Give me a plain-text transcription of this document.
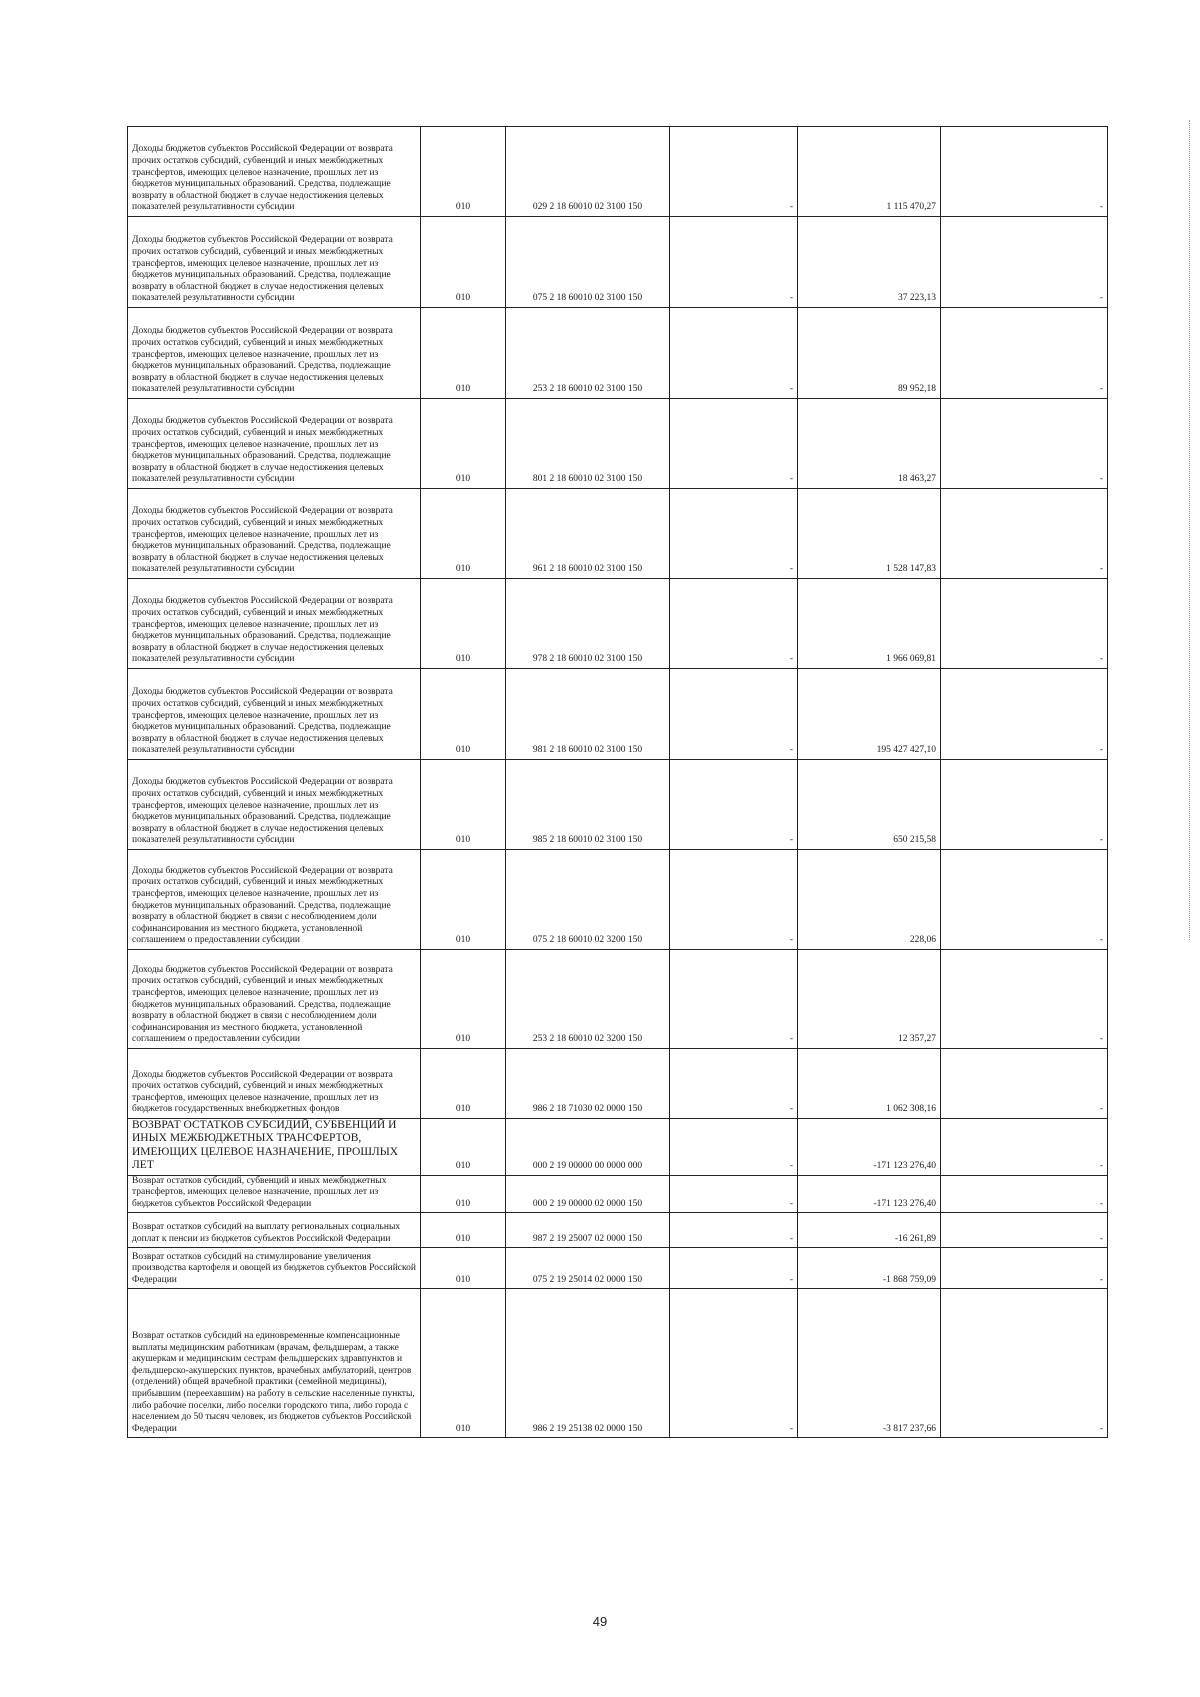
Доходы бюджетов субъектов Российской Федерации от возврата прочих остатков субсидий, субвенций и иных межбюджетных трансфертов, имеющих целевое назначение, прошлых лет из бюджетов муниципальных образований. Средства, подлежащие возврату в областной бюджет в случае недостижения целевых показателей результативности субсидии	010	029 2 18 60010 02 3100 150	-	1 115 470,27	-
Доходы бюджетов субъектов Российской Федерации от возврата прочих остатков субсидий, субвенций и иных межбюджетных трансфертов, имеющих целевое назначение, прошлых лет из бюджетов муниципальных образований. Средства, подлежащие возврату в областной бюджет в случае недостижения целевых показателей результативности субсидии	010	075 2 18 60010 02 3100 150	-	37 223,13	-
Доходы бюджетов субъектов Российской Федерации от возврата прочих остатков субсидий, субвенций и иных межбюджетных трансфертов, имеющих целевое назначение, прошлых лет из бюджетов муниципальных образований. Средства, подлежащие возврату в областной бюджет в случае недостижения целевых показателей результативности субсидии	010	253 2 18 60010 02 3100 150	-	89 952,18	-
Доходы бюджетов субъектов Российской Федерации от возврата прочих остатков субсидий, субвенций и иных межбюджетных трансфертов, имеющих целевое назначение, прошлых лет из бюджетов муниципальных образований. Средства, подлежащие возврату в областной бюджет в случае недостижения целевых показателей результативности субсидии	010	801 2 18 60010 02 3100 150	-	18 463,27	-
Доходы бюджетов субъектов Российской Федерации от возврата прочих остатков субсидий, субвенций и иных межбюджетных трансфертов, имеющих целевое назначение, прошлых лет из бюджетов муниципальных образований. Средства, подлежащие возврату в областной бюджет в случае недостижения целевых показателей результативности субсидии	010	961 2 18 60010 02 3100 150	-	1 528 147,83	-
Доходы бюджетов субъектов Российской Федерации от возврата прочих остатков субсидий, субвенций и иных межбюджетных трансфертов, имеющих целевое назначение, прошлых лет из бюджетов муниципальных образований. Средства, подлежащие возврату в областной бюджет в случае недостижения целевых показателей результативности субсидии	010	978 2 18 60010 02 3100 150	-	1 966 069,81	-
Доходы бюджетов субъектов Российской Федерации от возврата прочих остатков субсидий, субвенций и иных межбюджетных трансфертов, имеющих целевое назначение, прошлых лет из бюджетов муниципальных образований. Средства, подлежащие возврату в областной бюджет в случае недостижения целевых показателей результативности субсидии	010	981 2 18 60010 02 3100 150	-	195 427 427,10	-
Доходы бюджетов субъектов Российской Федерации от возврата прочих остатков субсидий, субвенций и иных межбюджетных трансфертов, имеющих целевое назначение, прошлых лет из бюджетов муниципальных образований. Средства, подлежащие возврату в областной бюджет в случае недостижения целевых показателей результативности субсидии	010	985 2 18 60010 02 3100 150	-	650 215,58	-
Доходы бюджетов субъектов Российской Федерации от возврата прочих остатков субсидий, субвенций и иных межбюджетных трансфертов, имеющих целевое назначение, прошлых лет из бюджетов муниципальных образований. Средства, подлежащие возврату в областной бюджет в связи с несоблюдением доли софинансирования из местного бюджета, установленной соглашением о предоставлении субсидии	010	075 2 18 60010 02 3200 150	-	228,06	-
Доходы бюджетов субъектов Российской Федерации от возврата прочих остатков субсидий, субвенций и иных межбюджетных трансфертов, имеющих целевое назначение, прошлых лет из бюджетов муниципальных образований. Средства, подлежащие возврату в областной бюджет в связи с несоблюдением доли софинансирования из местного бюджета, установленной соглашением о предоставлении субсидии	010	253 2 18 60010 02 3200 150	-	12 357,27	-
Доходы бюджетов субъектов Российской Федерации от возврата прочих остатков субсидий, субвенций и иных межбюджетных трансфертов, имеющих целевое назначение, прошлых лет из бюджетов государственных внебюджетных фондов	010	986 2 18 71030 02 0000 150	-	1 062 308,16	-
ВОЗВРАТ ОСТАТКОВ СУБСИДИЙ, СУБВЕНЦИЙ И ИНЫХ МЕЖБЮДЖЕТНЫХ ТРАНСФЕРТОВ, ИМЕЮЩИХ ЦЕЛЕВОЕ НАЗНАЧЕНИЕ, ПРОШЛЫХ ЛЕТ	010	000 2 19 00000 00 0000 000	-	-171 123 276,40	-
Возврат остатков субсидий, субвенций и иных межбюджетных трансфертов, имеющих целевое назначение, прошлых лет из бюджетов субъектов Российской Федерации	010	000 2 19 00000 02 0000 150	-	-171 123 276,40	-
Возврат остатков субсидий на выплату региональных социальных доплат к пенсии из бюджетов субъектов Российской Федерации	010	987 2 19 25007 02 0000 150	-	-16 261,89	-
Возврат остатков субсидий на стимулирование увеличения производства картофеля и овощей из бюджетов субъектов Российской Федерации	010	075 2 19 25014 02 0000 150	-	-1 868 759,09	-
Возврат остатков субсидий на единовременные компенсационные выплаты медицинским работникам (врачам, фельдшерам, а также акушеркам и медицинским сестрам фельдшерских здравпунктов и фельдшерско-акушерских пунктов, врачебных амбулаторий, центров (отделений) общей врачебной практики (семейной медицины), прибывшим (переехавшим) на работу в сельские населенные пункты, либо рабочие поселки, либо поселки городского типа, либо города с населением до 50 тысяч человек, из бюджетов субъектов Российской Федерации	010	986 2 19 25138 02 0000 150	-	-3 817 237,66	-
49
